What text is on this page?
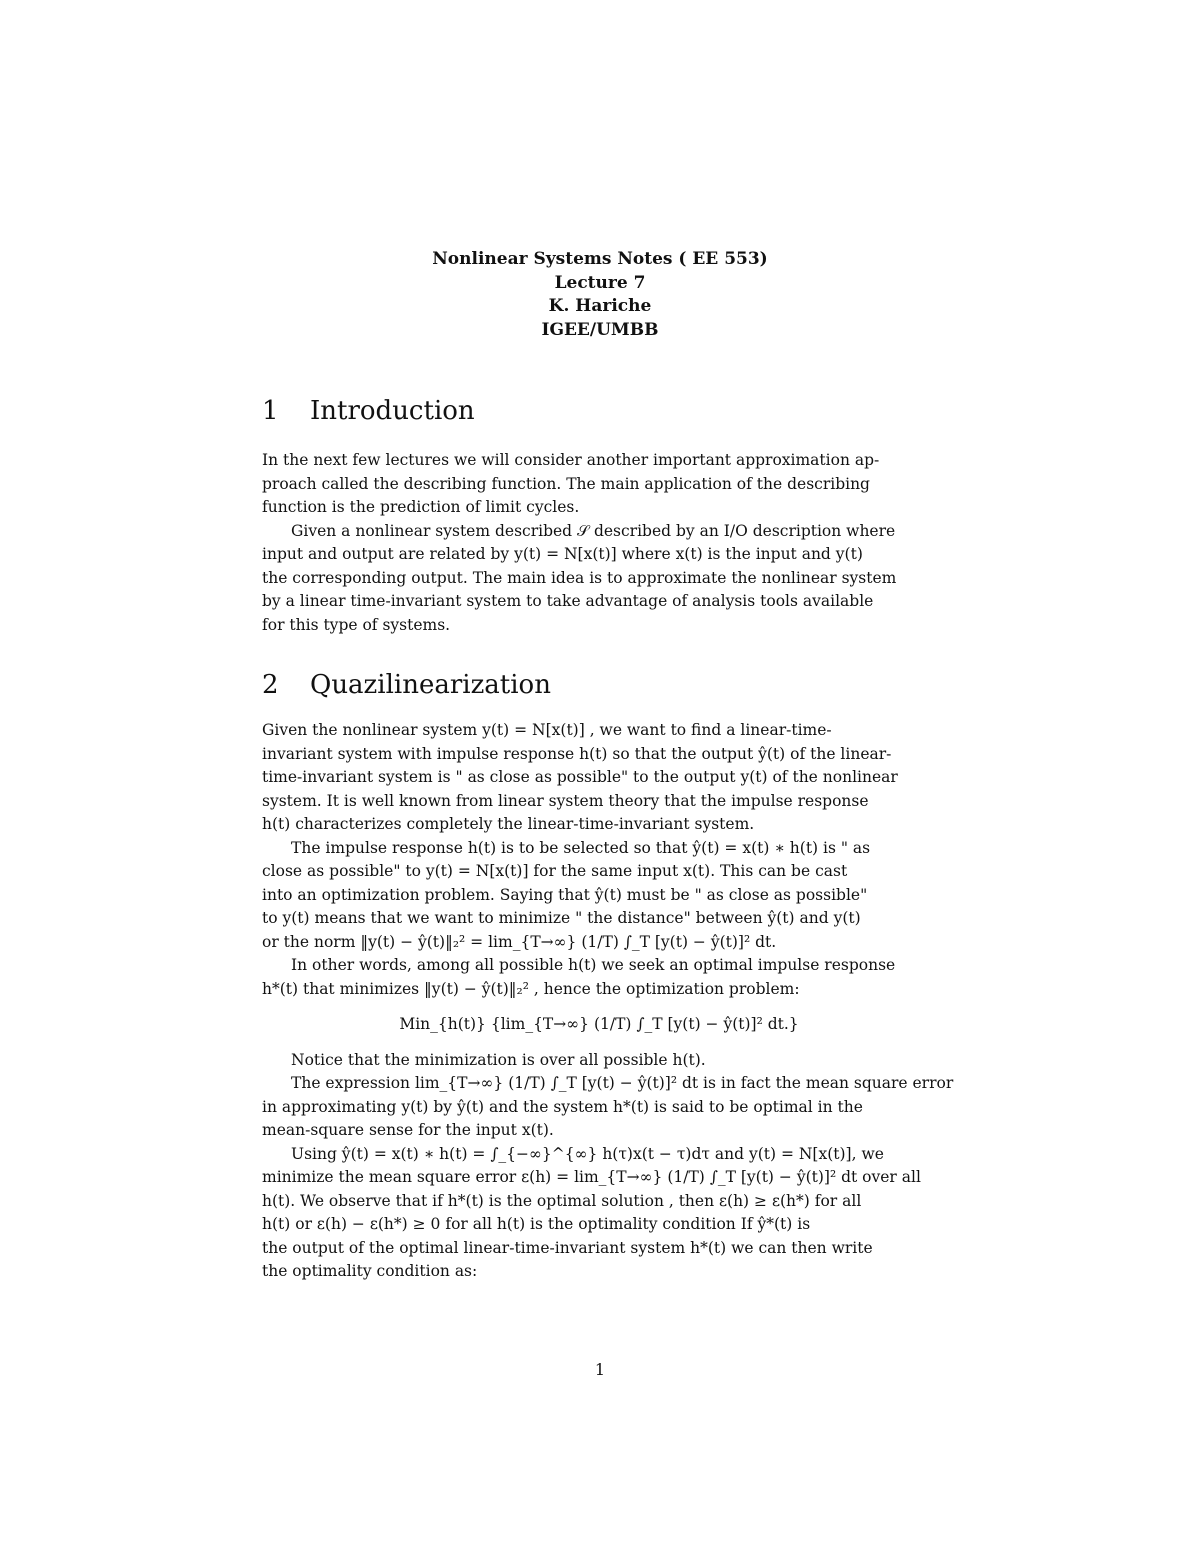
Nonlinear Systems Notes ( EE 553)
Lecture 7
K. Hariche
IGEE/UMBB
1 Introduction
In the next few lectures we will consider another important approximation ap-
proach called the describing function. The main application of the describing
function is the prediction of limit cycles.
Given a nonlinear system described 𝒮 described by an I/O description where
input and output are related by y(t) = N[x(t)] where x(t) is the input and y(t)
the corresponding output. The main idea is to approximate the nonlinear system
by a linear time-invariant system to take advantage of analysis tools available
for this type of systems.
2 Quazilinearization
Given the nonlinear system y(t) = N[x(t)] , we want to find a linear-time-
invariant system with impulse response h(t) so that the output ŷ(t) of the linear-
time-invariant system is " as close as possible" to the output y(t) of the nonlinear
system. It is well known from linear system theory that the impulse response
h(t) characterizes completely the linear-time-invariant system.
The impulse response h(t) is to be selected so that ŷ(t) = x(t) ∗ h(t) is " as
close as possible" to y(t) = N[x(t)] for the same input x(t). This can be cast
into an optimization problem. Saying that ŷ(t) must be " as close as possible"
to y(t) means that we want to minimize " the distance" between ŷ(t) and y(t)
or the norm ‖y(t) − ŷ(t)‖₂² = lim_{T→∞} (1/T) ∫_T [y(t) − ŷ(t)]² dt.
In other words, among all possible h(t) we seek an optimal impulse response
h*(t) that minimizes ‖y(t) − ŷ(t)‖₂² , hence the optimization problem:
Min_{h(t)} {lim_{T→∞} (1/T) ∫_T [y(t) − ŷ(t)]² dt.}
Notice that the minimization is over all possible h(t).
The expression lim_{T→∞} (1/T) ∫_T [y(t) − ŷ(t)]² dt is in fact the mean square error
in approximating y(t) by ŷ(t) and the system h*(t) is said to be optimal in the
mean-square sense for the input x(t).
Using ŷ(t) = x(t) ∗ h(t) = ∫_{−∞}^{∞} h(τ)x(t − τ)dτ and y(t) = N[x(t)], we
minimize the mean square error ε(h) = lim_{T→∞} (1/T) ∫_T [y(t) − ŷ(t)]² dt over all
h(t). We observe that if h*(t) is the optimal solution , then ε(h) ≥ ε(h*) for all
h(t) or ε(h) − ε(h*) ≥ 0 for all h(t) is the optimality condition If ŷ*(t) is
the output of the optimal linear-time-invariant system h*(t) we can then write
the optimality condition as:
1
